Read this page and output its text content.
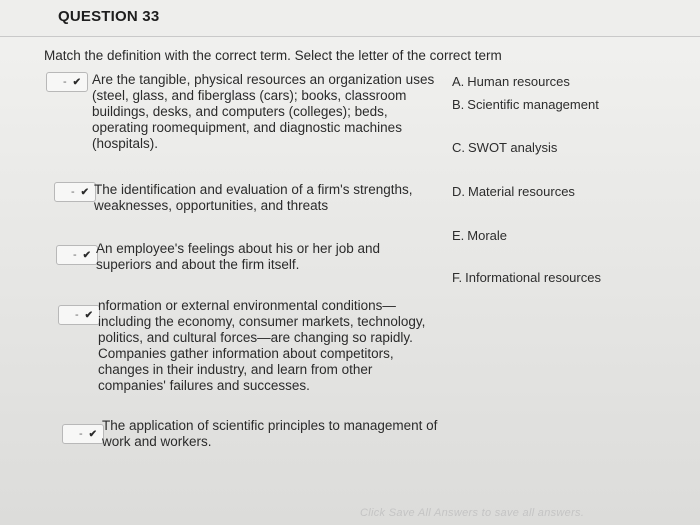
QUESTION 33
Match the definition with the correct term. Select the letter of the correct term
- ✔ Are the tangible, physical resources an organization uses (steel, glass, and fiberglass (cars); books, classroom buildings, desks, and computers (colleges); beds, operating roomequipment, and diagnostic machines (hospitals).
- ✔ The identification and evaluation of a firm's strengths, weaknesses, opportunities, and threats
- ✔ An employee's feelings about his or her job and superiors and about the firm itself.
- ✔
nformation or external environmental conditions—including the economy, consumer markets, technology, politics, and cultural forces—are changing so rapidly. Companies gather information about competitors, changes in their industry, and learn from other companies' failures and successes.
- ✔
The application of scientific principles to management of work and workers.
A. Human resources
B. Scientific management
C. SWOT analysis
D. Material resources
E. Morale
F. Informational resources
Click Save All Answers to save all answers.
